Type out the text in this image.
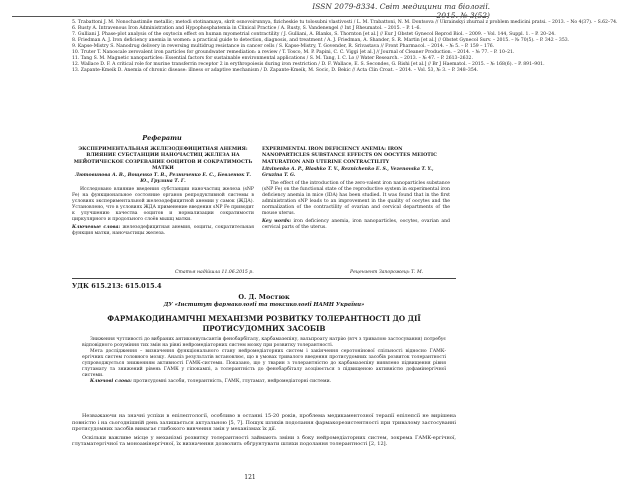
ISSN 2079-8334. Світ медицини та біології. 2015. № 3(52)
5. Trabattoni J. M. Nonochastimile metallic; metodi stotinamaya, skrit osnovoirunnya, fizicheskie tu tolosubni vlastivosti / L. M. Trabattoni, N. M. Dontsova // Ukrainskyi zhurnal z problem medicini pratsi. – 2013. – No 4(37). – S.62–74.
6. Rusty A. Intravenous Iron Administration and Hypophosphatemia in Clinical Practice / A. Rusty, S. Vandenengel // Int J Rheumatol. – 2015. – P. 1–6.
7. Gulliani J. Phase-plot analysis of the oxytocin effect on human myometrial contractility / J. Gulliani, A. Blanks, S. Thornton [et al.] // Eur J Obstet Gynecol Reprod Biol. – 2009. – Vol. 144, Suppl. 1. – P. 20–24.
8. Friedman A. J. Iron deficiency anemia in women: a practical guide to detection, diagnosis, and treatment / A. J. Friedman, A. Shander, S. R. Martin [et al.] // Obstet Gynecol Surv. – 2015. – № 70(5). – P. 342 – 353.
9. Kapse-Mistry S. Nanodrug delivery in reversing multidrug resistance in cancer cells / S. Kapse-Mistry, T. Govender, R. Srivastava // Front Pharmacol. – 2014. – № 5. – P. 159 – 176.
10. Truter T. Nanoscale zerovalent iron particles for groundwater remediation: a review / T. Tosco, M. P. Papini, C. C. Viggi [et al.] // Journal of Cleaner Production. – 2014. – № 77. – P. 10–21.
11. Tang S. M. Magnetic nanoparticles: Essential factors for sustainable environmental applications / S. M. Tang, I. C. Lo // Water Research. – 2013. – № 47. – P. 2613–2632.
12. Wallace D. F. A critical role for murine transferrin receptor 2 in erythropoiesis during iron restriction / D. F. Wallace, E. S. Secondes, G. Rishi [et al.] // Br J Haematol. – 2015. – № 168(6). – P. 891–901.
13. Zapante-Kmeik D. Anemia of chronic disease: illness or adaptive mechanism / D. Zapante-Kmeik, M. Socic, D. Bekic // Acta Clin Croat. – 2014. – Vol. 53, № 3. – P. 348–354.
Реферати
ЭКСПЕРИМЕНТАЛЬНАЯ ЖЕЛЕЗОДЕФИЦИТНАЯ АНЕМИЯ: ВЛИЯНИЕ СУБСТАНЦИИ НАНОЧАСТИЦ ЖЕЛЕЗА НА МЕЙОТИЧЕСКОЕ СОЗРЕВАНИЕ ООЦИТОВ И СОКРАТИМОСТЬ МАТКИ
Лютовинова А. В., Вощенко Т. В., Резниченко Е. С., Бевзенюк Т. Ю., Грузина Т. Г.
Исследовано влияние введения субстанции наночастиц железа (sNP Fe) на функциональное состояние органов репродуктивной системы в условиях экспериментальной железодефицитной анемии у самок (ЖДА). Установлено, что в условиях ЖДА применение введения sNP Fe приводит к улучшению качества ооцитов и нормализации сократимости циркулярного и продольного слоёв мышц матки.
Ключевые слова: железодефицитная анемия, ооциты, сократительная функция матки, наночастицы железа.
EXPERIMENTAL IRON DEFICIENCY ANEMIA: IRON NANOPARTICLES SUBSTANCE EFFECTS ON OOCYTES MEIOTIC MATURATION AND UTERINE CONTRACTILITY
Litvinenko A. P., Blashko T. V., Reznichenko E. S., Vezenovska T. Y., Gruzina T. G.
The effect of the introduction of the zero-valent iron nanoparticles substance (sNP Fe) on the functional state of the reproductive system in experimental iron deficiency anemia in mice (IDA) has been studied. It was found that in the first administration sNP leads to an improvement in the quality of oocytes and the normalization of the contractility of ovarian and cervical departments of the mouse uterus.
Key words: iron deficiency anemia, iron nanoparticles, oocytes, ovarian and cervical parts of the uterus.
Статья надійшла 11.06.2015 р.	Рецензент Запорожець Т. М.
УДК 615.213: 615.015.4
О. Д. Мостюк
ДУ «Інститут фармакології та токсикології НАМН України»
ФАРМАКОДИНАМІЧНІ МЕХАНІЗМИ РОЗВИТКУ ТОЛЕРАНТНОСТІ ДО ДІЇ ПРОТИСУДОМНИХ ЗАСОБІВ

Зниження чутливості до вибраних антиконвульсантів фенобарбіталу, карбамазепіну, вальпроату натрію (втч з тривалою застосування) потребує відповідного розуміння тих змін на рівні нейромедіаторних систем мозку при розвитку толерантності.

Мета дослідження – визначення функціонального стану нейромедіаторних систем і закінчення серотонінової спільності відносно ГАМК-ергічних систем головного мозку. Аналіз результатів встановлює, що в умовах тривалого введення протисудомних засобів розвиток толерантності супроводжується зниженням активності ГАМК-системи. Показано, що у тварин з толерантністю до карбамазепіну виявлено підвищення рівня глутамату та знижений рівень ГАМК у гіпокампі, а толерантність до фенобарбіталу асоціюється з підвищеною активністю дофамінергічної системи.

Ключові слова: протисудомні засоби, толерантність, ГАМК, глутамат, нейромедіаторні системи.

Незважаючи на значні успіхи в епілептології, особливо в останні 15-20 років, проблема медикаментозної терапії епілепсії не вирішена повністю і на сьогоднішній день залишається актуальною [5, 7]. Пошук шляхів подолання фармакорезистентності при тривалому застосуванні протисудомних засобів вимагає глибокого вивчення змін у механізмах їх дії.

Оскільки важливе місце у механізмі розвитку толерантності займають зміни з боку нейромедіаторних систем, зокрема ГАМК-ергічної, глутаматергічної та моноамінергічної, їх визначення дозволить обґрунтувати шляхи подолання толерантності [2, 12].

121
